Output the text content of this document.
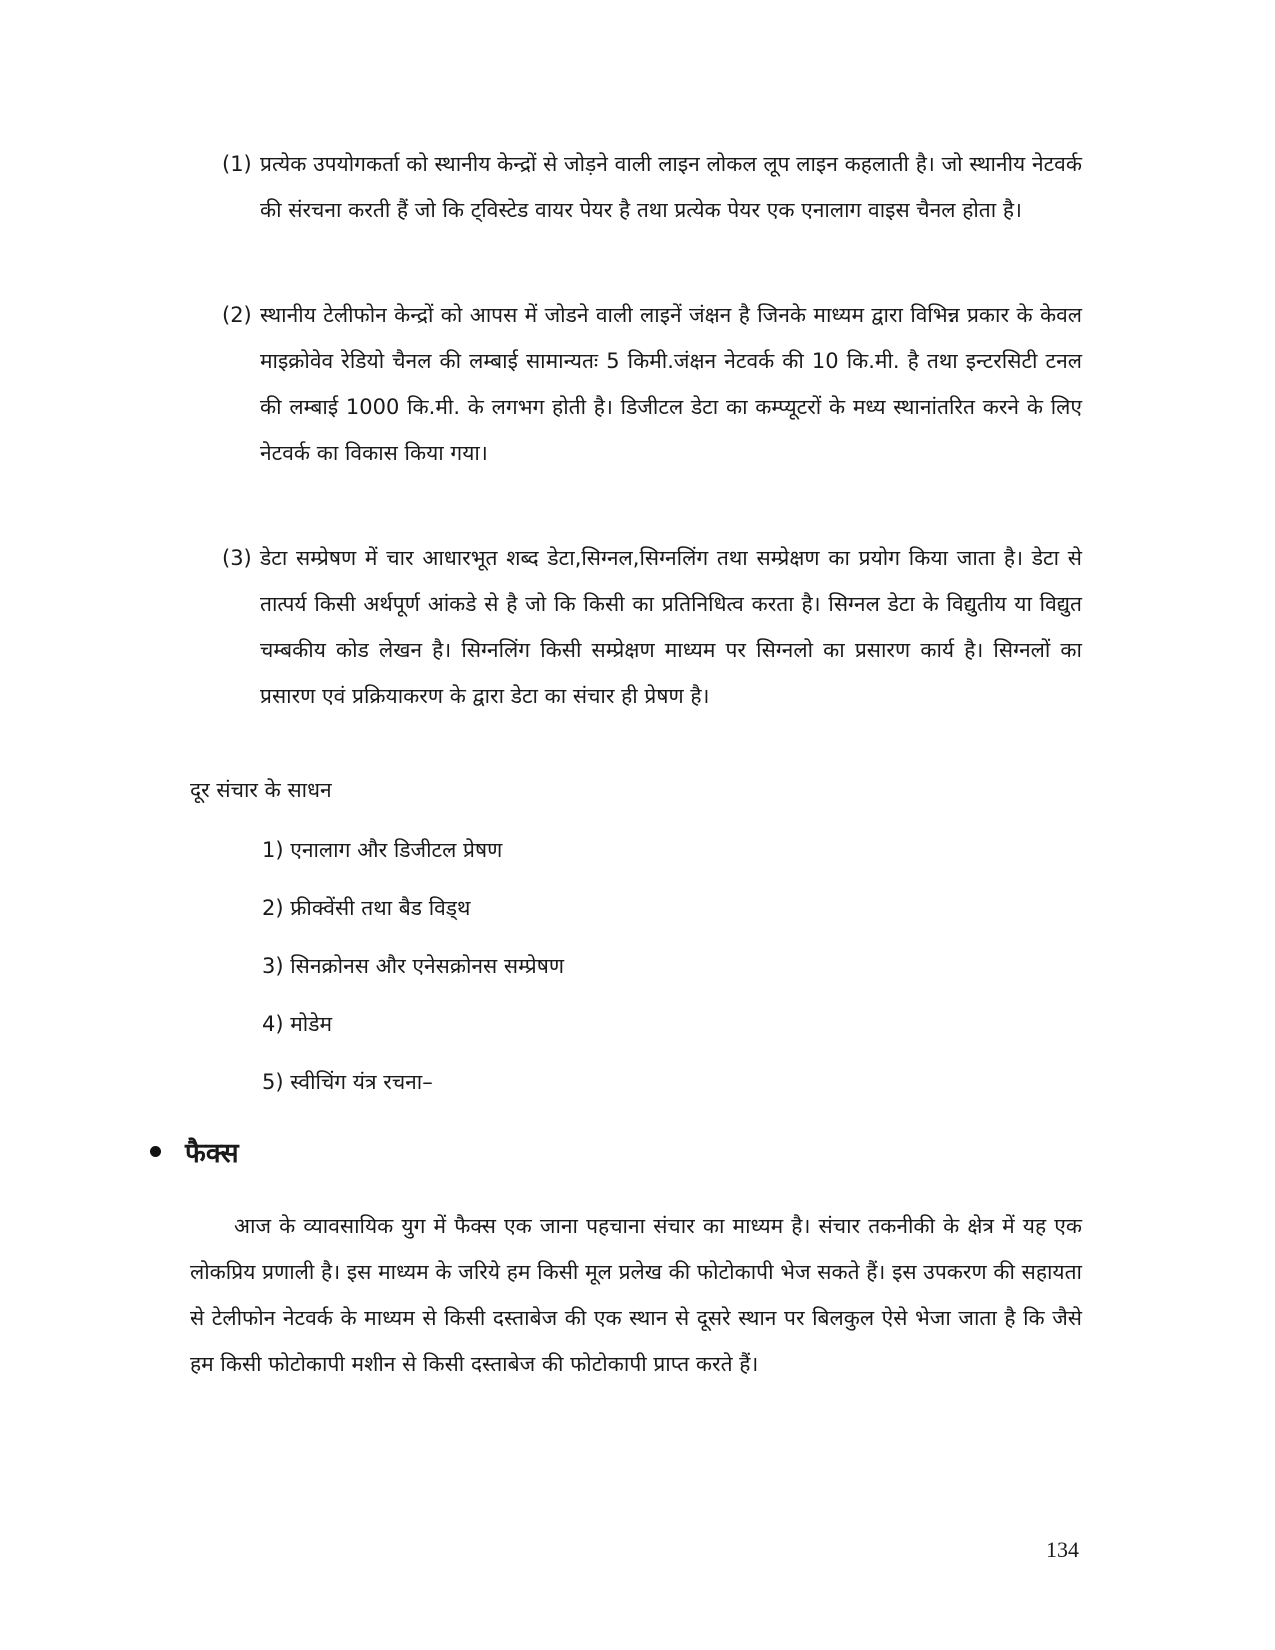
(1) प्रत्येक उपयोगकर्ता को स्थानीय केन्द्रों से जोड़ने वाली लाइन लोकल लूप लाइन कहलाती है। जो स्थानीय नेटवर्क की संरचना करती हैं जो कि ट्विस्टेड वायर पेयर है तथा प्रत्येक पेयर एक एनालाग वाइस चैनल होता है।
(2) स्थानीय टेलीफोन केन्द्रों को आपस में जोडने वाली लाइनें जंक्षन है जिनके माध्यम द्वारा विभिन्न प्रकार के केवल माइक्रोवेव रेडियो चैनल की लम्बाई सामान्यतः 5 किमी.जंक्षन नेटवर्क की 10 कि.मी. है तथा इन्टरसिटी टनल की लम्बाई 1000 कि.मी. के लगभग होती है। डिजीटल डेटा का कम्प्यूटरों के मध्य स्थानांतरित करने के लिए नेटवर्क का विकास किया गया।
(3) डेटा सम्प्रेषण में चार आधारभूत शब्द डेटा,सिग्नल,सिग्नलिंग तथा सम्प्रेक्षण का प्रयोग किया जाता है। डेटा से तात्पर्य किसी अर्थपूर्ण आंकडे से है जो कि किसी का प्रतिनिधित्व करता है। सिग्नल डेटा के विद्युतीय या विद्युत चम्बकीय कोड लेखन है। सिग्नलिंग किसी सम्प्रेक्षण माध्यम पर सिग्नलो का प्रसारण कार्य है। सिग्नलों का प्रसारण एवं प्रक्रियाकरण के द्वारा डेटा का संचार ही प्रेषण है।
दूर संचार के साधन
1) एनालाग और डिजीटल प्रेषण
2) फ्रीक्वेंसी तथा बैड विड्थ
3) सिनक्रोनस और एनेसक्रोनस सम्प्रेषण
4) मोडेम
5) स्वीचिंग यंत्र रचना–
फैक्स

आज के व्यावसायिक युग में फैक्स एक जाना पहचाना संचार का माध्यम है। संचार तकनीकी के क्षेत्र में यह एक लोकप्रिय प्रणाली है। इस माध्यम के जरिये हम किसी मूल प्रलेख की फोटोकापी भेज सकते हैं। इस उपकरण की सहायता से टेलीफोन नेटवर्क के माध्यम से किसी दस्ताबेज की एक स्थान से दूसरे स्थान पर बिलकुल ऐसे भेजा जाता है कि जैसे हम किसी फोटोकापी मशीन से किसी दस्ताबेज की फोटोकापी प्राप्त करते हैं।

134
